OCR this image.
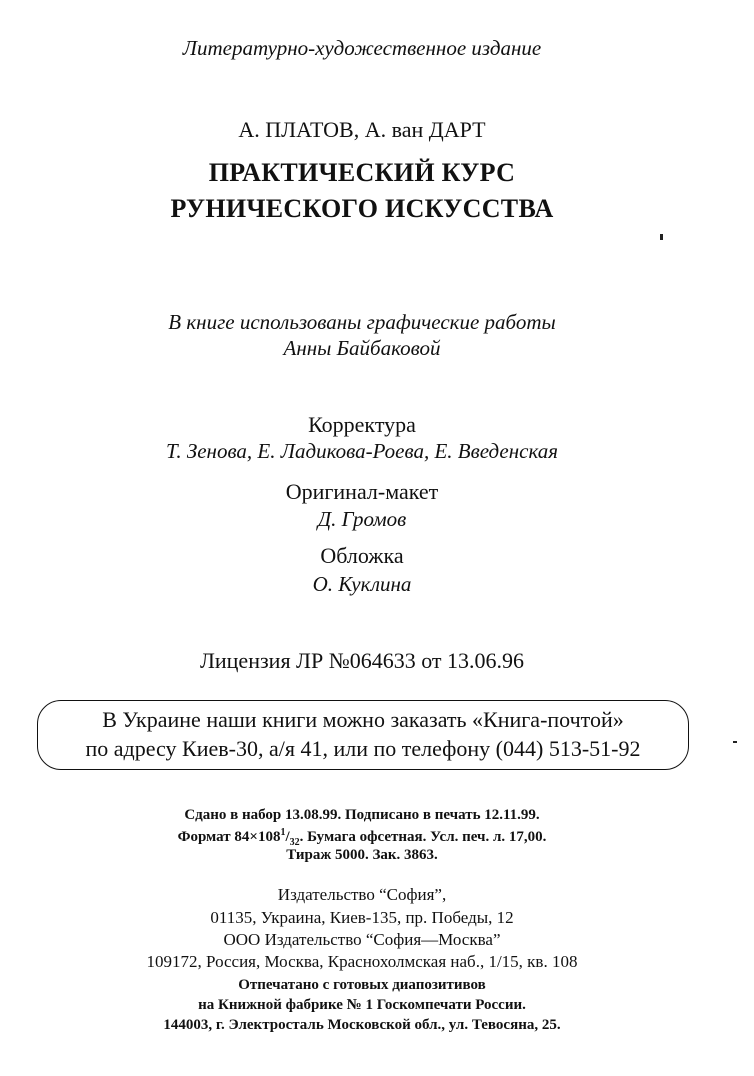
Литературно-художественное издание
А. ПЛАТОВ, А. ван ДАРТ
ПРАКТИЧЕСКИЙ КУРС
РУНИЧЕСКОГО ИСКУССТВА
В книге использованы графические работы
Анны Байбаковой
Корректура
Т. Зенова, Е. Ладикова-Роева, Е. Введенская
Оригинал-макет
Д. Громов
Обложка
О. Куклина
Лицензия ЛР №064633 от 13.06.96
В Украине наши книги можно заказать «Книга-почтой»
по адресу Киев-30, а/я 41, или по телефону (044) 513-51-92
Сдано в набор 13.08.99. Подписано в печать 12.11.99.
Формат $84\times 108^1/_{32}$. Бумага офсетная. Усл. печ. л. 17,00.
Тираж 5000. Зак. 3863.
Издательство “София”,
01135, Украина, Киев-135, пр. Победы, 12
ООО Издательство “София—Москва”
109172, Россия, Москва, Краснохолмская наб., 1/15, кв. 108
Отпечатано с готовых диапозитивов
на Книжной фабрике № 1 Госкомпечати России.
144003, г. Электросталь Московской обл., ул. Тевосяна, 25.
